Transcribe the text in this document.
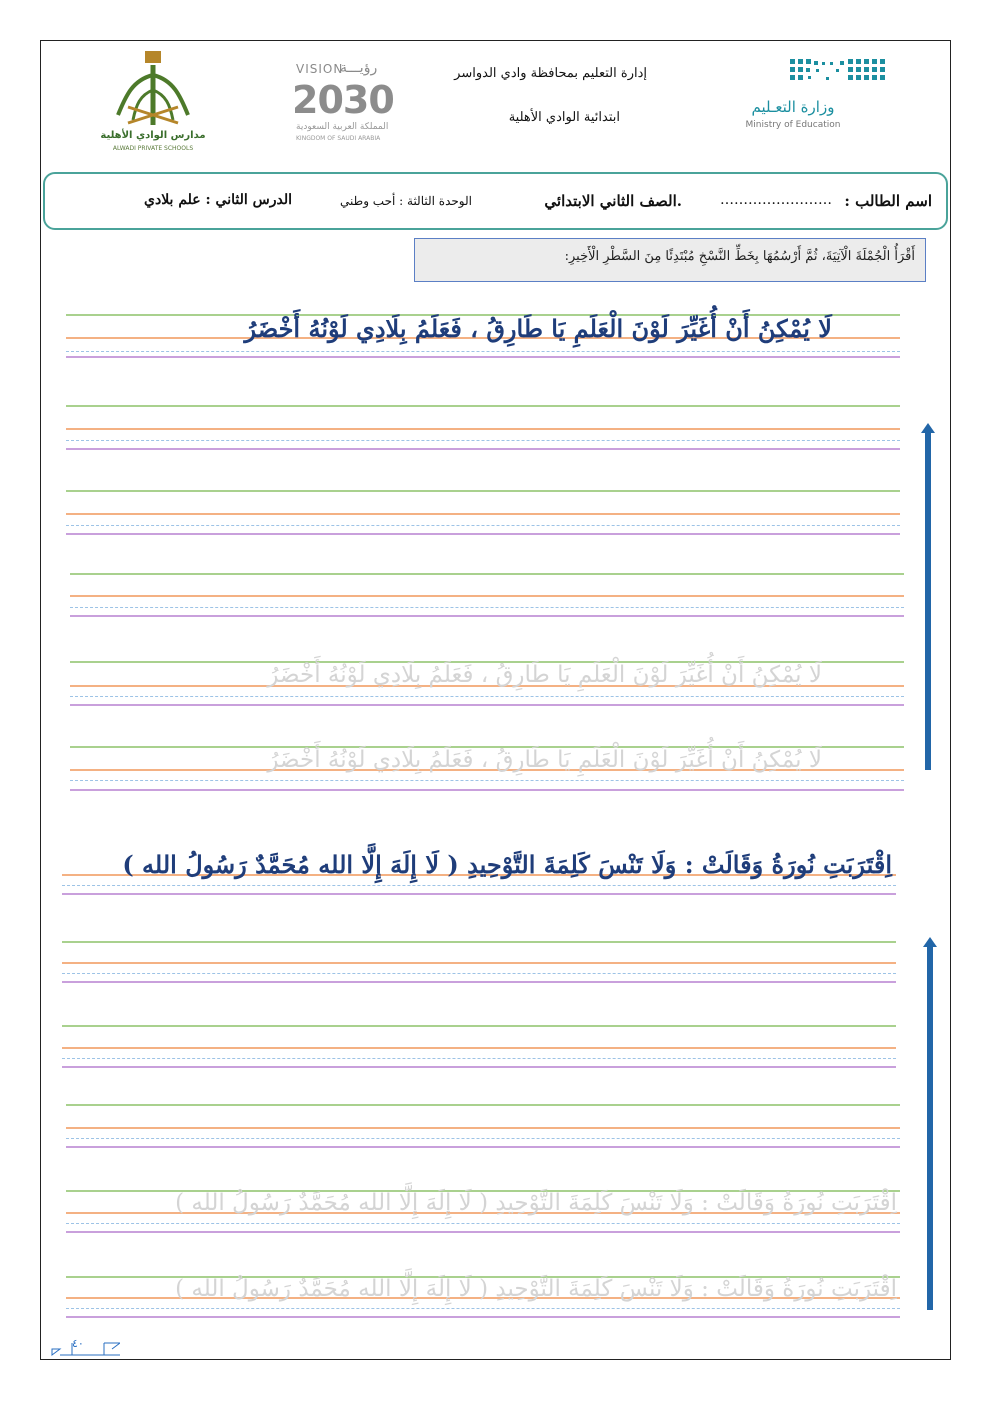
وزارة التعـليم
Ministry of Education
إدارة التعليم بمحافظة وادي الدواسر
ابتدائية الوادي الأهلية
VISION
رؤيـــة
2030
المملكة العربية السعودية
KINGDOM OF SAUDI ARABIA
مدارس الوادي الأهلية
ALWADI PRIVATE SCHOOLS
اسم الطالب :
……………………
.الصف الثاني الابتدائي
الوحدة الثالثة : أحب وطني
الدرس الثاني : علم بلادي
أَقْرَأُ الْجُمْلَةَ الْآتِيَةَ، ثُمَّ أَرْسُمُهَا بِخَطِّ النَّسْخِ مُبْتَدِئًا مِنَ السَّطْرِ الْأَخِيرِ:
لَا يُمْكِنُ أَنْ أُغَيِّرَ لَوْنَ الْعَلَمِ يَا طَارِقُ ، فَعَلَمُ بِلَادِي لَوْنُهُ أَخْضَرُ
لَا يُمْكِنُ أَنْ أُغَيِّرَ لَوْنَ الْعَلَمِ يَا طَارِقُ ، فَعَلَمُ بِلَادِي لَوْنُهُ أَخْضَرُ
لَا يُمْكِنُ أَنْ أُغَيِّرَ لَوْنَ الْعَلَمِ يَا طَارِقُ ، فَعَلَمُ بِلَادِي لَوْنُهُ أَخْضَرُ
اِقْتَرَبَتِ نُورَةُ وَقَالَتْ : وَلَا تَنْسَ كَلِمَةَ التَّوْحِيدِ ( لَا إِلَهَ إِلَّا الله مُحَمَّدٌ رَسُولُ الله )
اِقْتَرَبَتِ نُورَةُ وَقَالَتْ : وَلَا تَنْسَ كَلِمَةَ التَّوْحِيدِ ( لَا إِلَهَ إِلَّا الله مُحَمَّدٌ رَسُولُ الله )
اِقْتَرَبَتِ نُورَةُ وَقَالَتْ : وَلَا تَنْسَ كَلِمَةَ التَّوْحِيدِ ( لَا إِلَهَ إِلَّا الله مُحَمَّدٌ رَسُولُ الله )
٤٠
